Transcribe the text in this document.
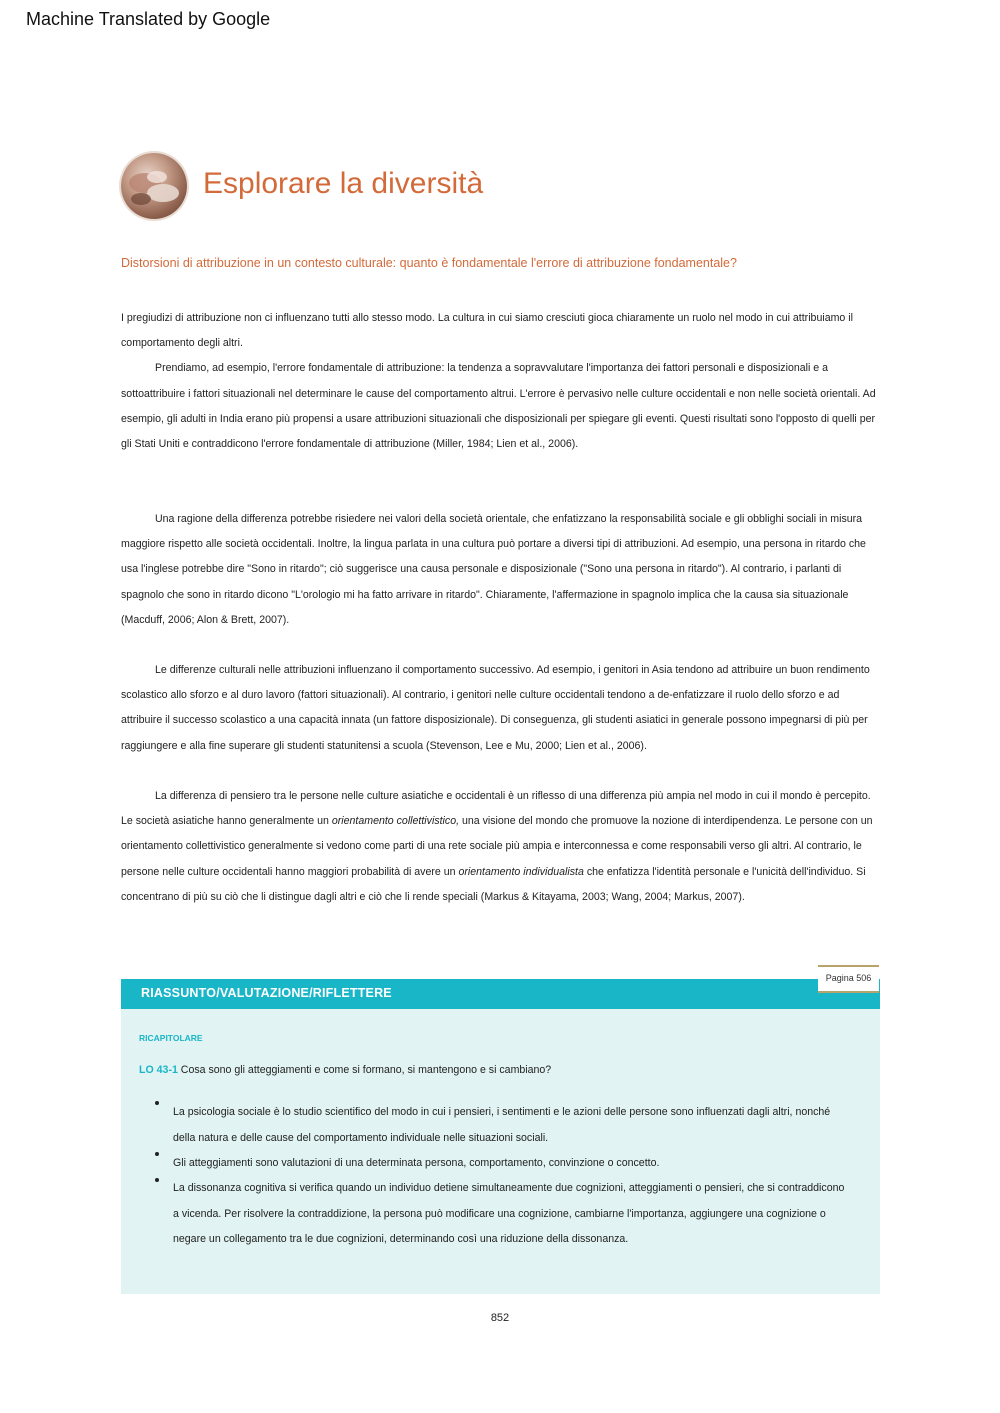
Machine Translated by Google
Esplorare la diversità
Distorsioni di attribuzione in un contesto culturale: quanto è fondamentale l'errore di attribuzione fondamentale?

I pregiudizi di attribuzione non ci influenzano tutti allo stesso modo. La cultura in cui siamo cresciuti gioca chiaramente un ruolo nel modo in cui attribuiamo il comportamento degli altri.

Prendiamo, ad esempio, l'errore fondamentale di attribuzione: la tendenza a sopravvalutare l'importanza dei fattori personali e disposizionali e a sottoattribuire i fattori situazionali nel determinare le cause del comportamento altrui. L'errore è pervasivo nelle culture occidentali e non nelle società orientali. Ad esempio, gli adulti in India erano più propensi a usare attribuzioni situazionali che disposizionali per spiegare gli eventi. Questi risultati sono l'opposto di quelli per gli Stati Uniti e contraddicono l'errore fondamentale di attribuzione (Miller, 1984; Lien et al., 2006).

Una ragione della differenza potrebbe risiedere nei valori della società orientale, che enfatizzano la responsabilità sociale e gli obblighi sociali in misura maggiore rispetto alle società occidentali. Inoltre, la lingua parlata in una cultura può portare a diversi tipi di attribuzioni. Ad esempio, una persona in ritardo che usa l'inglese potrebbe dire "Sono in ritardo"; ciò suggerisce una causa personale e disposizionale ("Sono una persona in ritardo"). Al contrario, i parlanti di spagnolo che sono in ritardo dicono "L'orologio mi ha fatto arrivare in ritardo". Chiaramente, l'affermazione in spagnolo implica che la causa sia situazionale (Macduff, 2006; Alon & Brett, 2007).

Le differenze culturali nelle attribuzioni influenzano il comportamento successivo. Ad esempio, i genitori in Asia tendono ad attribuire un buon rendimento scolastico allo sforzo e al duro lavoro (fattori situazionali). Al contrario, i genitori nelle culture occidentali tendono a de-enfatizzare il ruolo dello sforzo e ad attribuire il successo scolastico a una capacità innata (un fattore disposizionale). Di conseguenza, gli studenti asiatici in generale possono impegnarsi di più per raggiungere e alla fine superare gli studenti statunitensi a scuola (Stevenson, Lee e Mu, 2000; Lien et al., 2006).

La differenza di pensiero tra le persone nelle culture asiatiche e occidentali è un riflesso di una differenza più ampia nel modo in cui il mondo è percepito. Le società asiatiche hanno generalmente un orientamento collettivistico, una visione del mondo che promuove la nozione di interdipendenza. Le persone con un orientamento collettivistico generalmente si vedono come parti di una rete sociale più ampia e interconnessa e come responsabili verso gli altri. Al contrario, le persone nelle culture occidentali hanno maggiori probabilità di avere un orientamento individualista che enfatizza l'identità personale e l'unicità dell'individuo. Si concentrano di più su ciò che li distingue dagli altri e ciò che li rende speciali (Markus & Kitayama, 2003; Wang, 2004; Markus, 2007).

Pagina 506
RIASSUNTO/VALUTAZIONE/RIFLETTERE
RICAPITOLARE
LO 43-1 Cosa sono gli atteggiamenti e come si formano, si mantengono e si cambiano?
La psicologia sociale è lo studio scientifico del modo in cui i pensieri, i sentimenti e le azioni delle persone sono influenzati dagli altri, nonché della natura e delle cause del comportamento individuale nelle situazioni sociali.
Gli atteggiamenti sono valutazioni di una determinata persona, comportamento, convinzione o concetto.
La dissonanza cognitiva si verifica quando un individuo detiene simultaneamente due cognizioni, atteggiamenti o pensieri, che si contraddicono a vicenda. Per risolvere la contraddizione, la persona può modificare una cognizione, cambiarne l'importanza, aggiungere una cognizione o negare un collegamento tra le due cognizioni, determinando così una riduzione della dissonanza.
852
